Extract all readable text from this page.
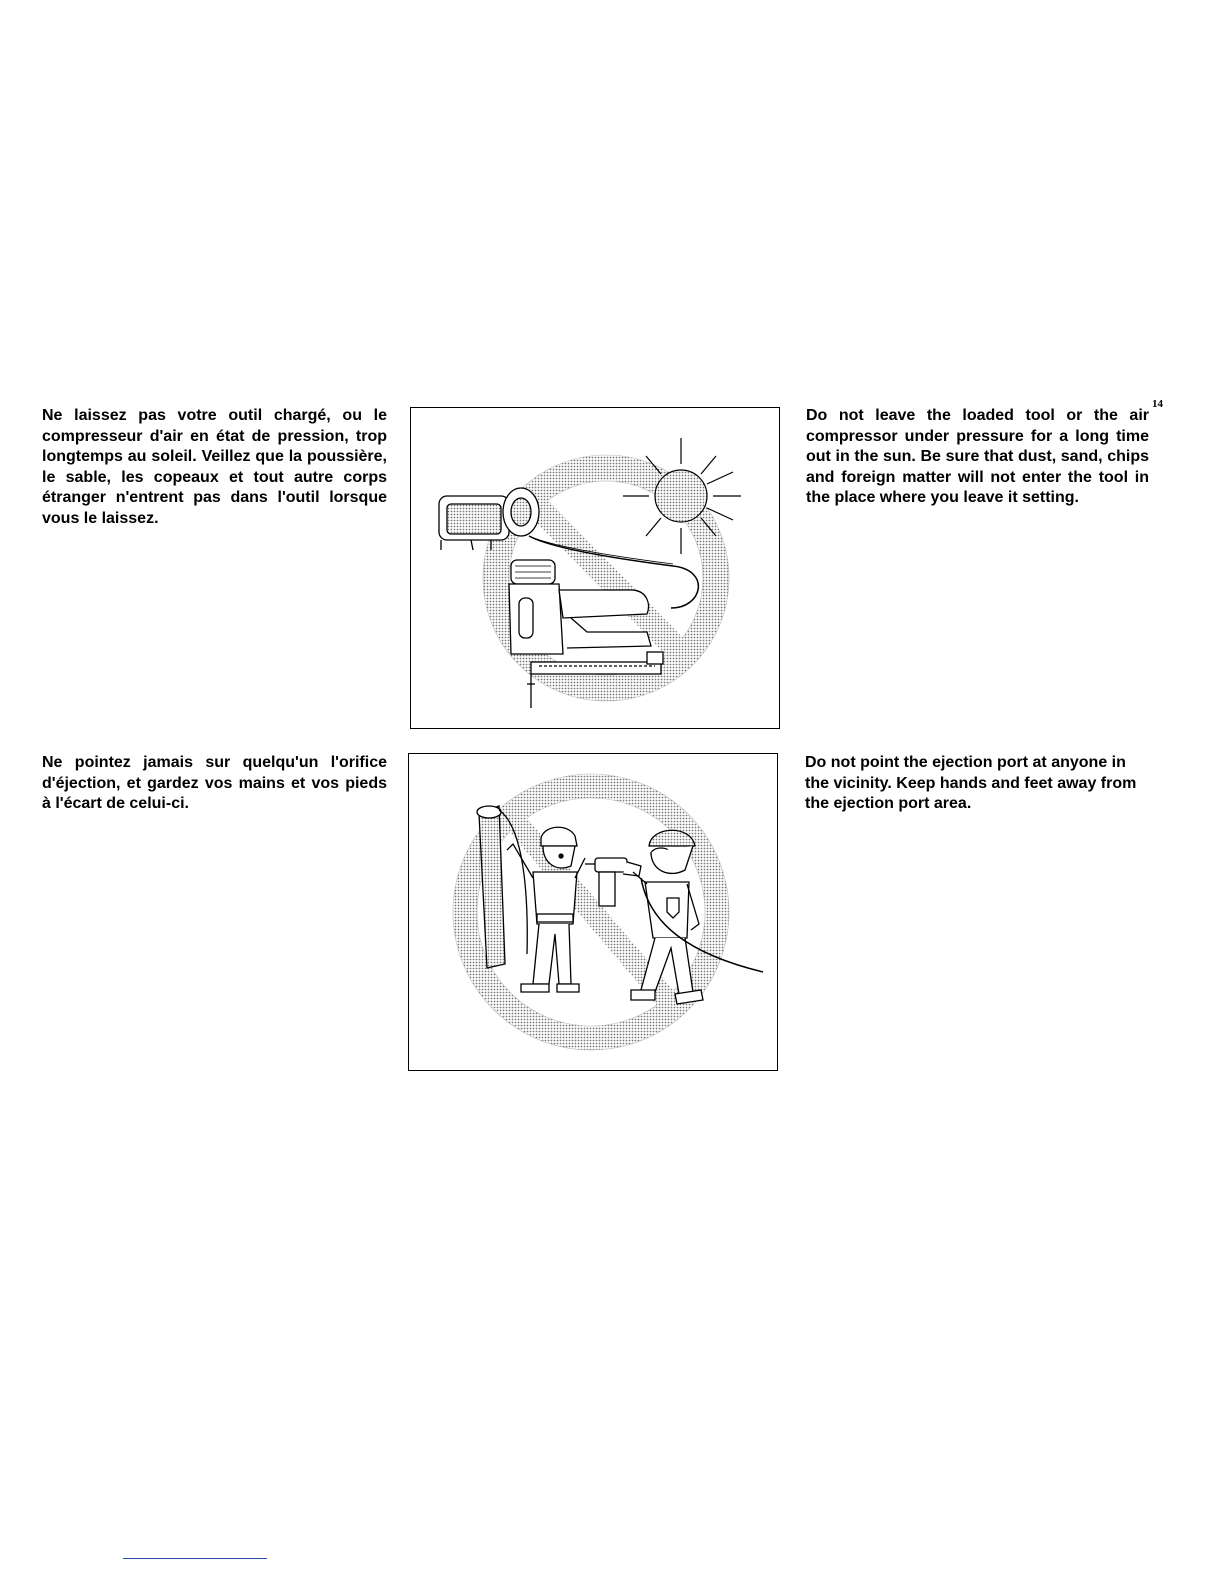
14

Ne laissez pas votre outil chargé, ou le compresseur d'air en état de pression, trop longtemps au soleil. Veillez que la poussière, le sable, les copeaux et tout autre corps étranger n'entrent pas dans l'outil lorsque vous le laissez.

Do not leave the loaded tool or the air compressor under pressure for a long time out in the sun. Be sure that dust, sand, chips and foreign matter will not enter the tool in the place where you leave it setting.

Ne pointez jamais sur quelqu'un l'orifice d'éjection, et gardez vos mains et vos pieds à l'écart de celui-ci.

Do not point the ejection port at anyone in the vicinity. Keep hands and feet away from the ejection port area.
